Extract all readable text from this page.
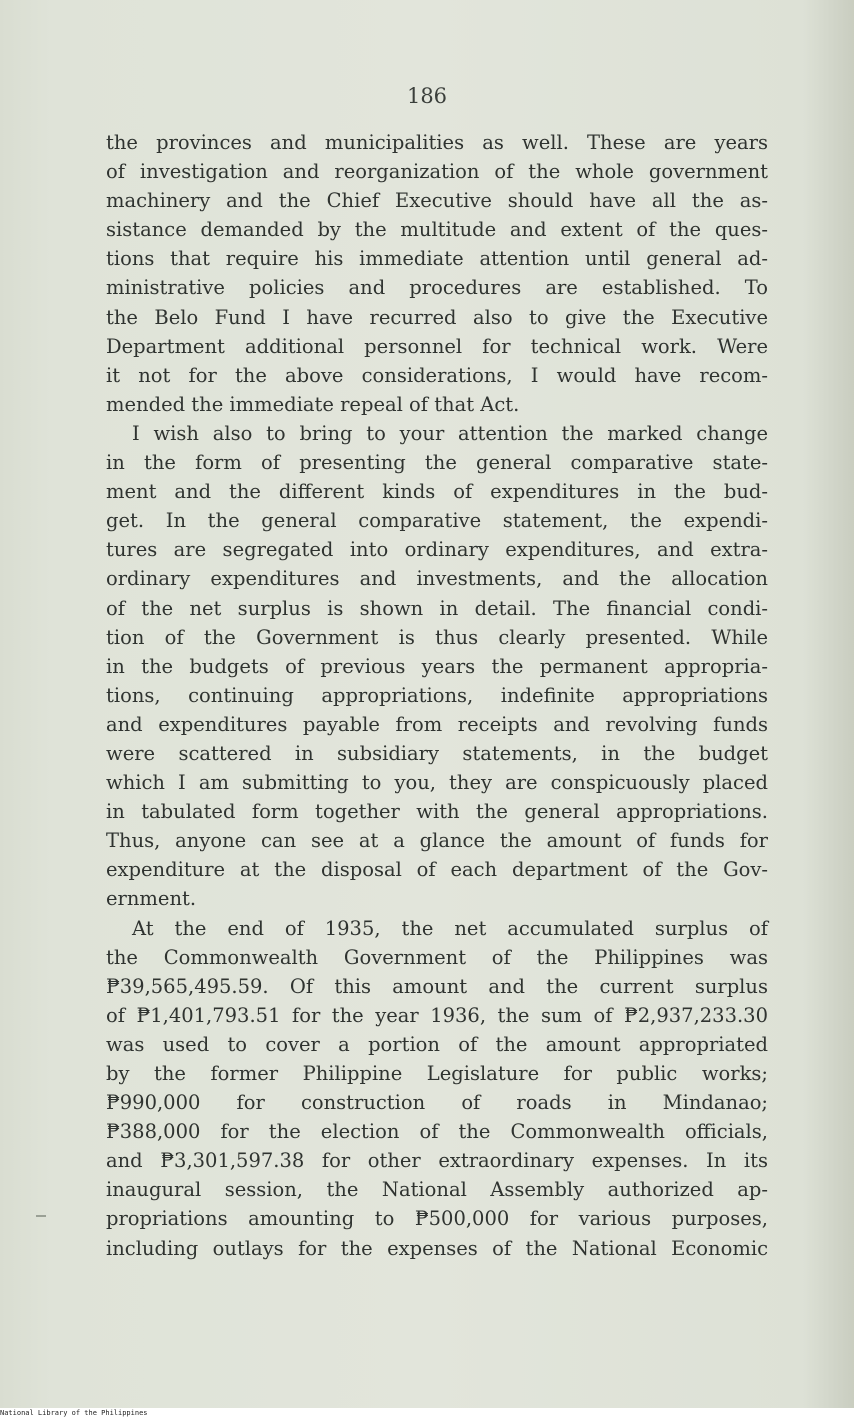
186
the provinces and municipalities as well. These are years
of investigation and reorganization of the whole government
machinery and the Chief Executive should have all the as-
sistance demanded by the multitude and extent of the ques-
tions that require his immediate attention until general ad-
ministrative policies and procedures are established. To
the Belo Fund I have recurred also to give the Executive
Department additional personnel for technical work. Were
it not for the above considerations, I would have recom-
mended the immediate repeal of that Act.
I wish also to bring to your attention the marked change
in the form of presenting the general comparative state-
ment and the different kinds of expenditures in the bud-
get. In the general comparative statement, the expendi-
tures are segregated into ordinary expenditures, and extra-
ordinary expenditures and investments, and the allocation
of the net surplus is shown in detail. The financial condi-
tion of the Government is thus clearly presented. While
in the budgets of previous years the permanent appropria-
tions, continuing appropriations, indefinite appropriations
and expenditures payable from receipts and revolving funds
were scattered in subsidiary statements, in the budget
which I am submitting to you, they are conspicuously placed
in tabulated form together with the general appropriations.
Thus, anyone can see at a glance the amount of funds for
expenditure at the disposal of each department of the Gov-
ernment.
At the end of 1935, the net accumulated surplus of
the Commonwealth Government of the Philippines was
₱39,565,495.59. Of this amount and the current surplus
of ₱1,401,793.51 for the year 1936, the sum of ₱2,937,233.30
was used to cover a portion of the amount appropriated
by the former Philippine Legislature for public works;
₱990,000 for construction of roads in Mindanao;
₱388,000 for the election of the Commonwealth officials,
and ₱3,301,597.38 for other extraordinary expenses. In its
inaugural session, the National Assembly authorized ap-
propriations amounting to ₱500,000 for various purposes,
including outlays for the expenses of the National Economic
National Library of the Philippines
